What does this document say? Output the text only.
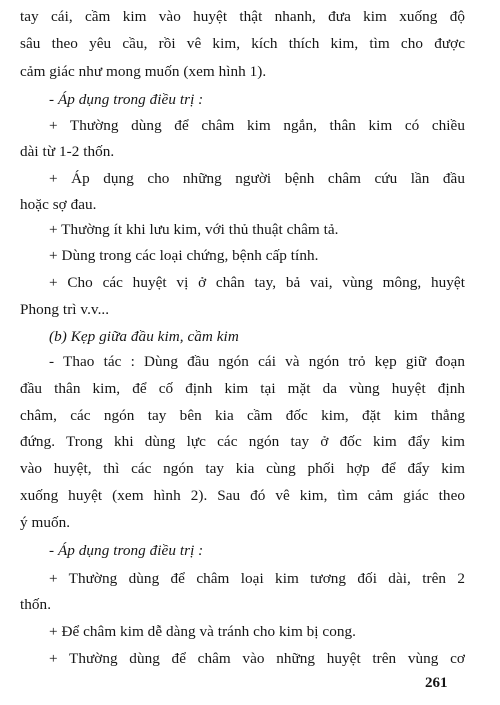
tay cái, cầm kim vào huyệt thật nhanh, đưa kim xuống độ
sâu theo yêu cầu, rồi vê kim, kích thích kim, tìm cho được
cảm giác như mong muốn (xem hình 1).
- Áp dụng trong điều trị :
+ Thường dùng để châm kim ngắn, thân kim có chiều
dài từ 1-2 thốn.
+ Áp dụng cho những người bệnh châm cứu lần đầu
hoặc sợ đau.
+ Thường ít khi lưu kim, với thủ thuật châm tả.
+ Dùng trong các loại chứng, bệnh cấp tính.
+ Cho các huyệt vị ở chân tay, bả vai, vùng mông, huyệt
Phong trì v.v...
(b) Kẹp giữa đầu kim, cầm kim
- Thao tác : Dùng đầu ngón cái và ngón trỏ kẹp giữ đoạn
đầu thân kim, để cố định kim tại mặt da vùng huyệt định
châm, các ngón tay bên kia cầm đốc kim, đặt kim thẳng
đứng. Trong khi dùng lực các ngón tay ở đốc kim đẩy kim
vào huyệt, thì các ngón tay kia cùng phối hợp để đẩy kim
xuống huyệt (xem hình 2). Sau đó vê kim, tìm cảm giác theo
ý muốn.
- Áp dụng trong điều trị :
+ Thường dùng để châm loại kim tương đối dài, trên 2
thốn.
+ Để châm kim dễ dàng và tránh cho kim bị cong.
+ Thường dùng để châm vào những huyệt trên vùng cơ
261
